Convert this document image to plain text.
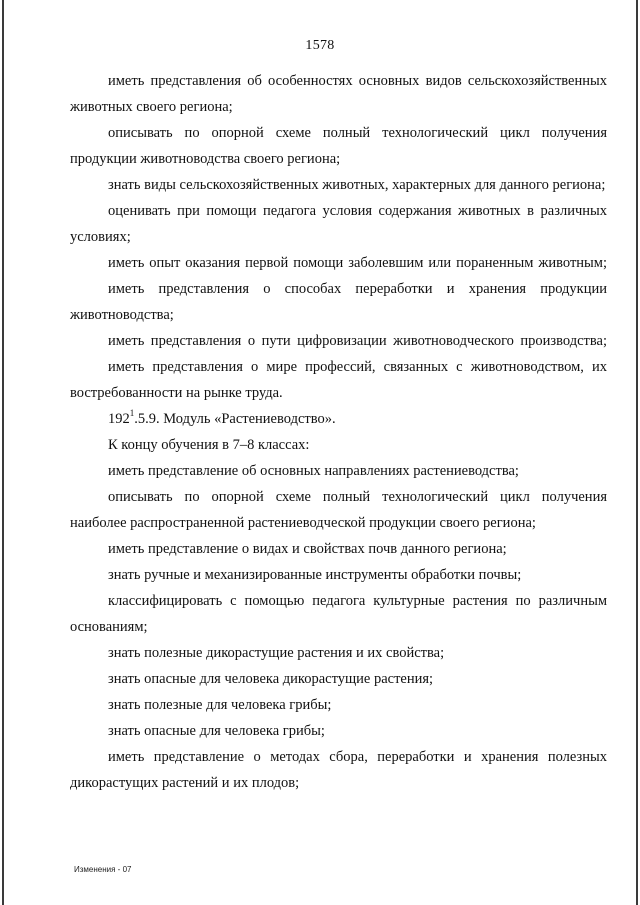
1578

иметь представления об особенностях основных видов сельскохозяйственных животных своего региона;

описывать по опорной схеме полный технологический цикл получения продукции животноводства своего региона;

знать виды сельскохозяйственных животных, характерных для данного региона;

оценивать при помощи педагога условия содержания животных в различных условиях;

иметь опыт оказания первой помощи заболевшим или пораненным животным;

иметь представления о способах переработки и хранения продукции животноводства;

иметь представления о пути цифровизации животноводческого производства;

иметь представления о мире профессий, связанных с животноводством, их востребованности на рынке труда.

$192^1.5.9$. Модуль «Растениеводство».

К концу обучения в 7–8 классах:

иметь представление об основных направлениях растениеводства;

описывать по опорной схеме полный технологический цикл получения наиболее распространенной растениеводческой продукции своего региона;

иметь представление о видах и свойствах почв данного региона;

знать ручные и механизированные инструменты обработки почвы;

классифицировать с помощью педагога культурные растения по различным основаниям;

знать полезные дикорастущие растения и их свойства;

знать опасные для человека дикорастущие растения;

знать полезные для человека грибы;

знать опасные для человека грибы;

иметь представление о методах сбора, переработки и хранения полезных дикорастущих растений и их плодов;

Изменения - 07
